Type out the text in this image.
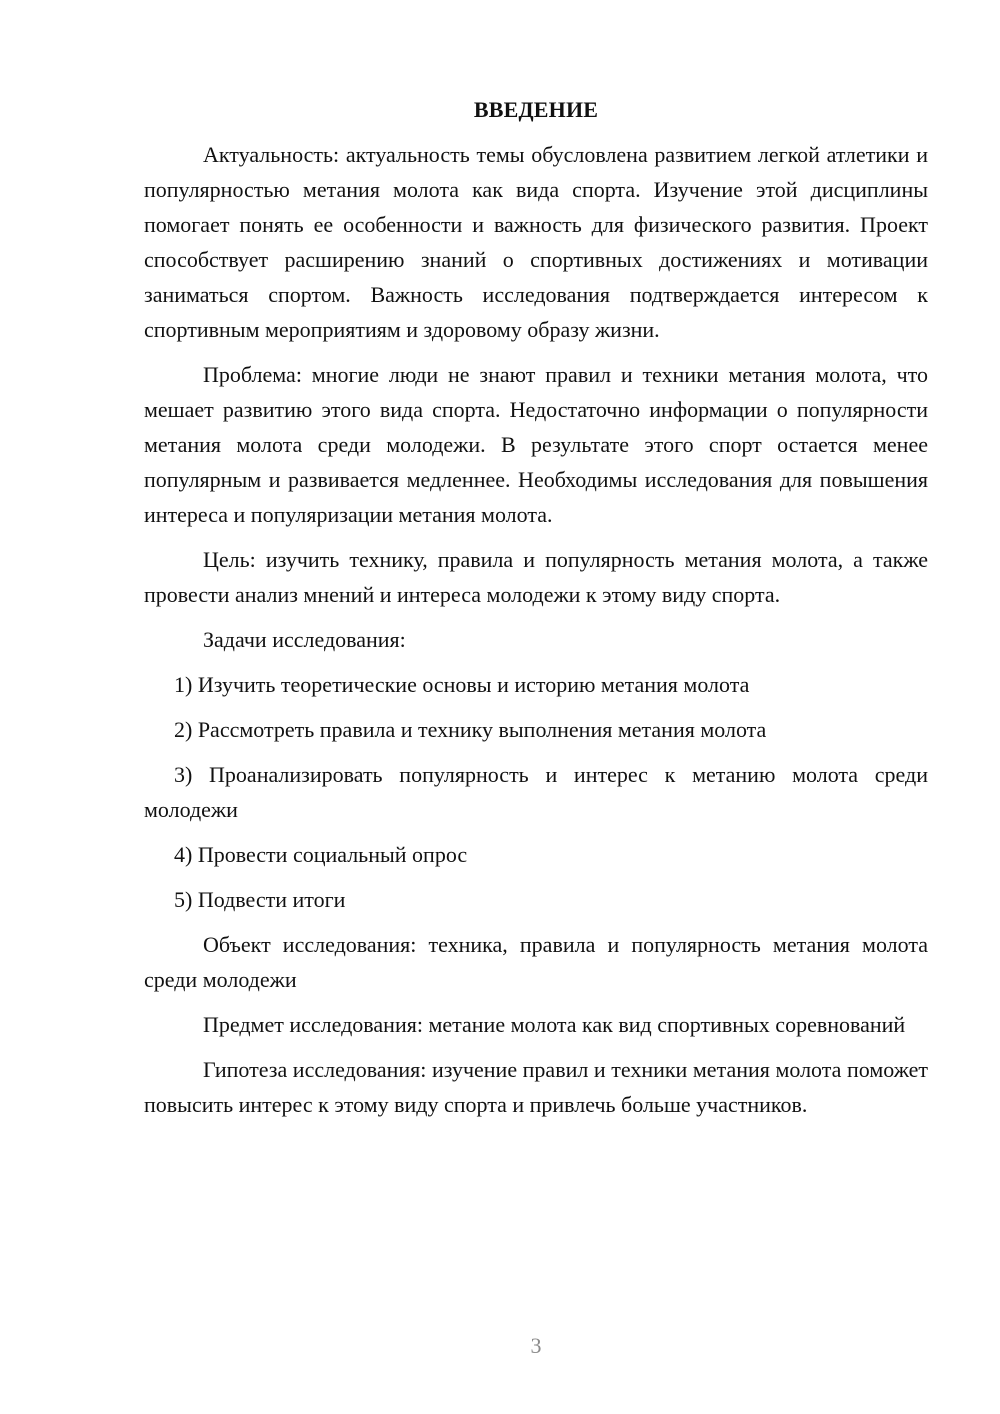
ВВЕДЕНИЕ

Актуальность: актуальность темы обусловлена развитием легкой атлетики и популярностью метания молота как вида спорта. Изучение этой дисциплины помогает понять ее особенности и важность для физического развития. Проект способствует расширению знаний о спортивных достижениях и мотивации заниматься спортом. Важность исследования подтверждается интересом к спортивным мероприятиям и здоровому образу жизни.

Проблема: многие люди не знают правил и техники метания молота, что мешает развитию этого вида спорта. Недостаточно информации о популярности метания молота среди молодежи. В результате этого спорт остается менее популярным и развивается медленнее. Необходимы исследования для повышения интереса и популяризации метания молота.

Цель: изучить технику, правила и популярность метания молота, а также провести анализ мнений и интереса молодежи к этому виду спорта.

Задачи исследования:

1) Изучить теоретические основы и историю метания молота

2) Рассмотреть правила и технику выполнения метания молота

3) Проанализировать популярность и интерес к метанию молота среди молодежи

4) Провести социальный опрос

5) Подвести итоги

Объект исследования: техника, правила и популярность метания молота среди молодежи

Предмет исследования: метание молота как вид спортивных соревнований

Гипотеза исследования: изучение правил и техники метания молота поможет повысить интерес к этому виду спорта и привлечь больше участников.

3
